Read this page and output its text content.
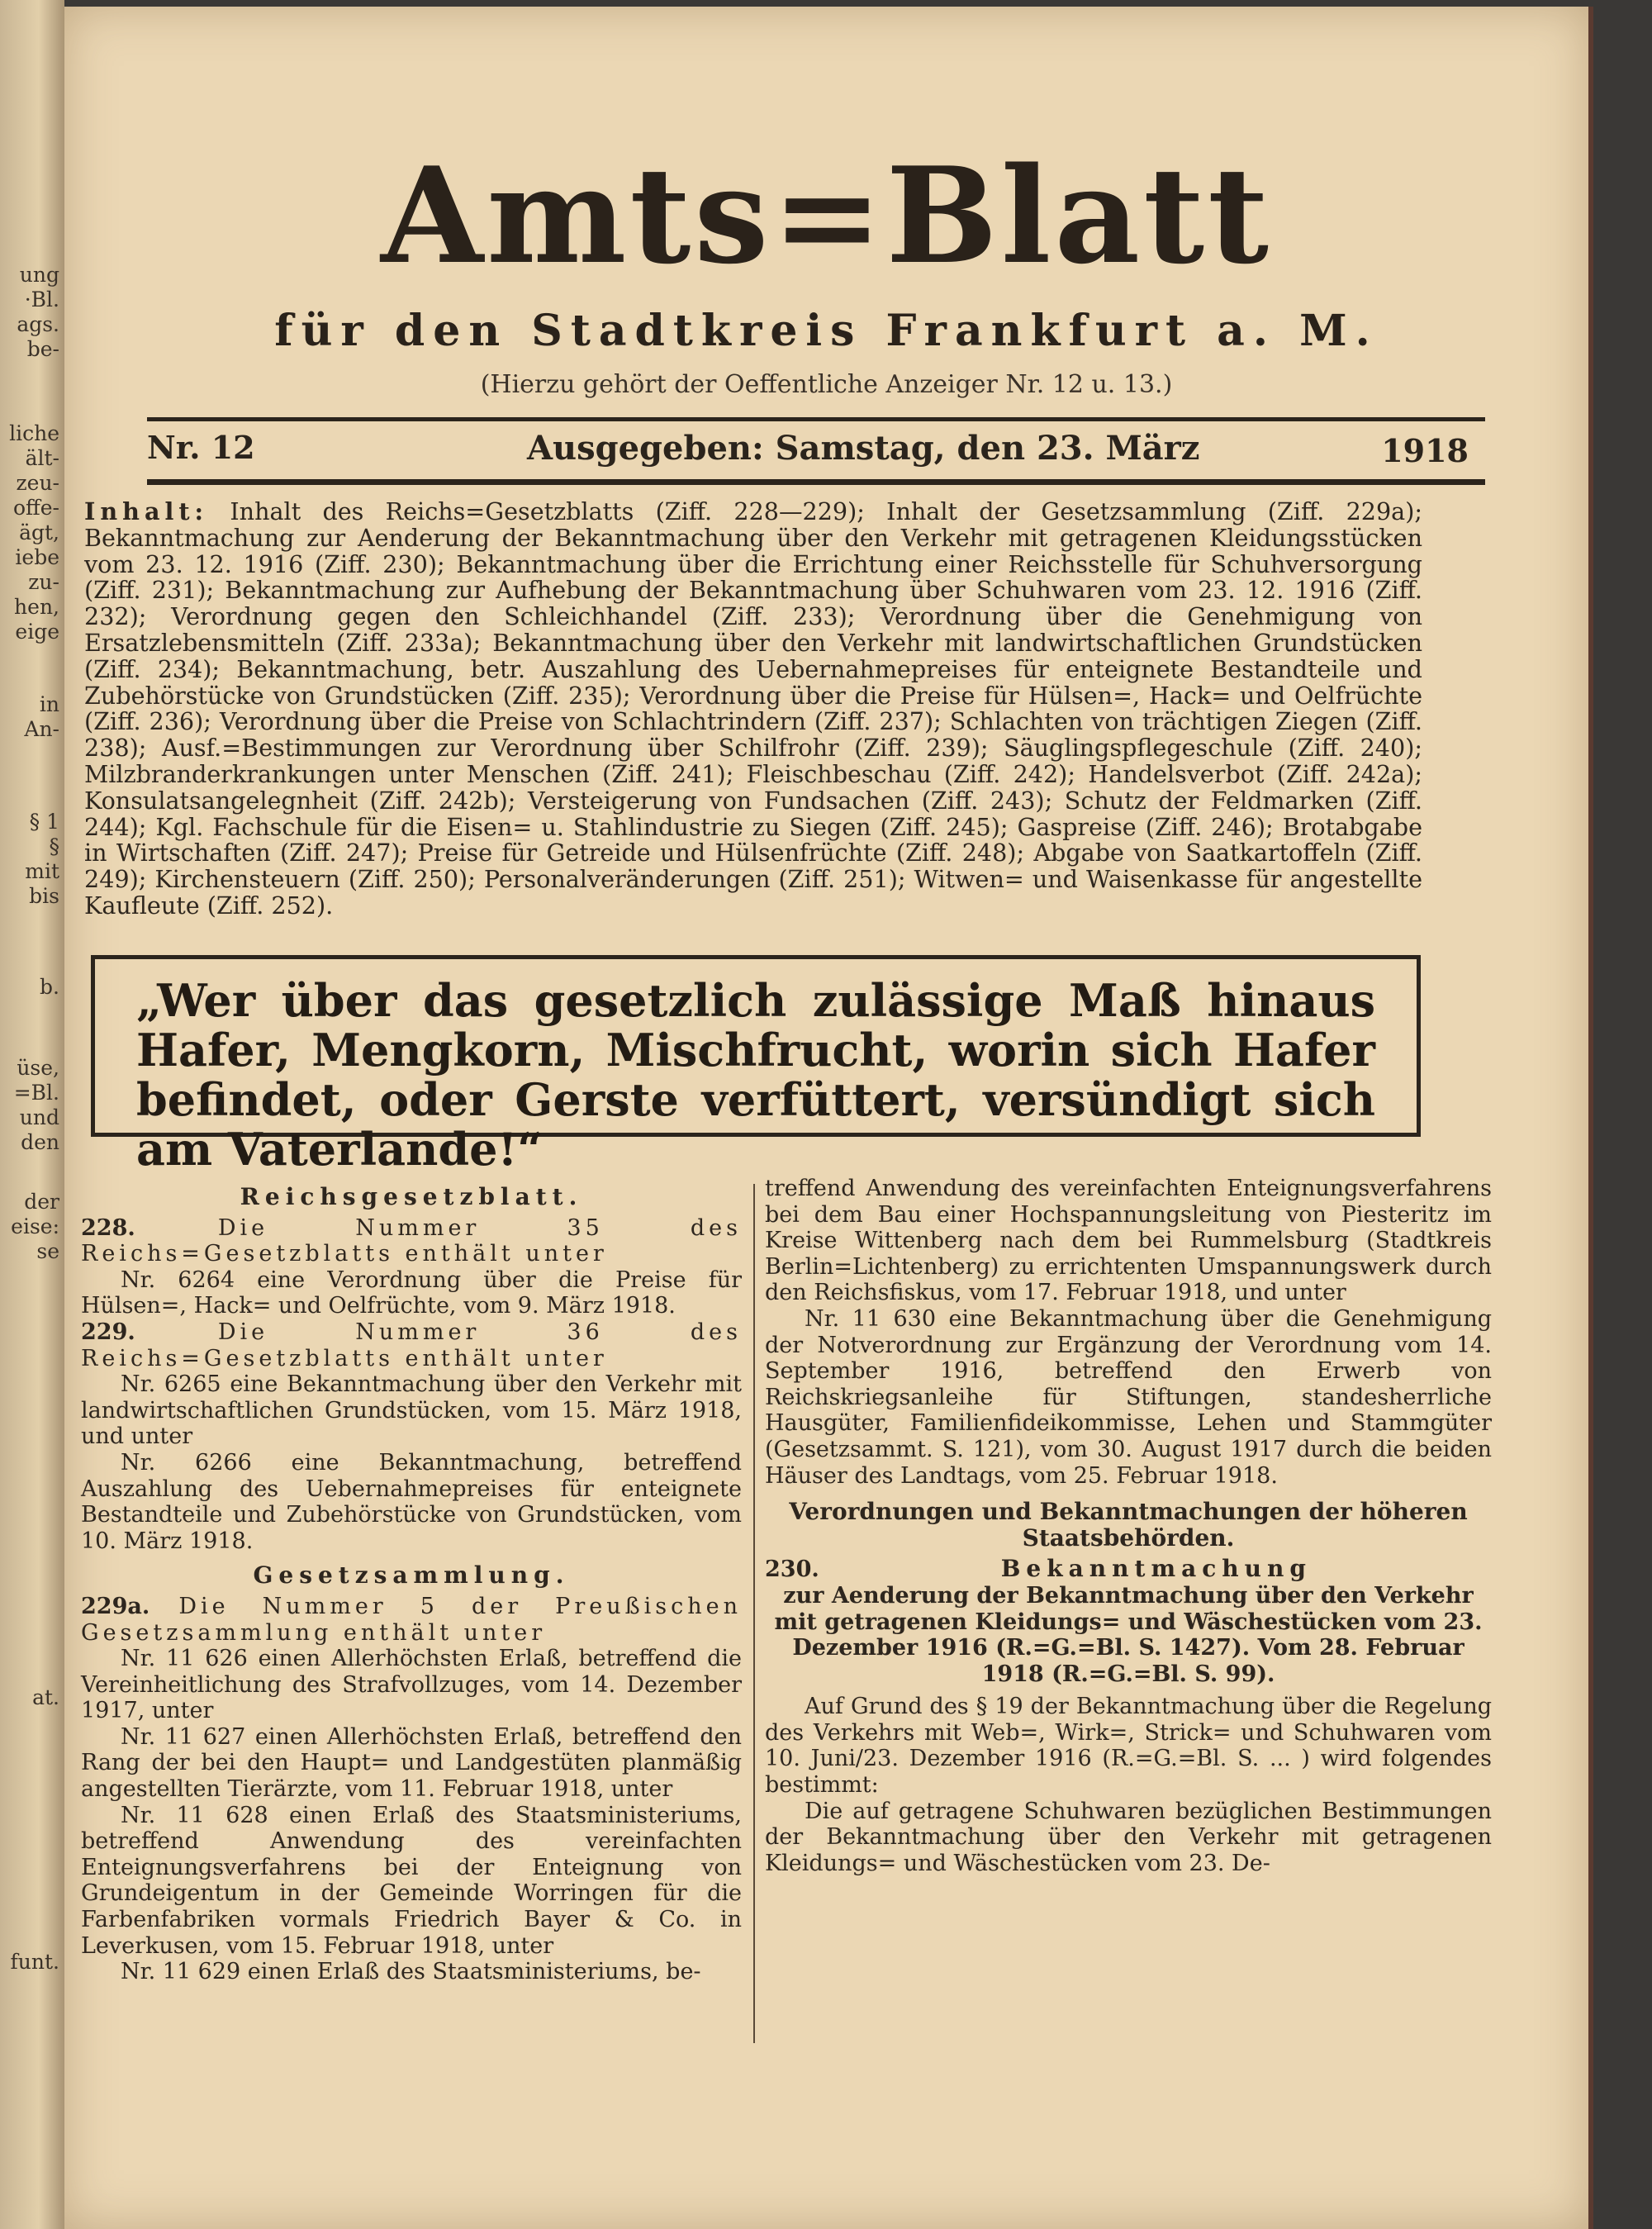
ung
·Bl.
ags.
be-
liche
ält-
zeu-
offe-
ägt,
iebe
zu-
hen,
eige
in
An-
§ 1
§
mit
bis
b.
üse,
=Bl.
und
den
der
eise:
se
at.
funt.
Amts=Blatt
für den Stadtkreis Frankfurt a. M.
(Hierzu gehört der Oeffentliche Anzeiger Nr. 12 u. 13.)
Nr. 12	Ausgegeben: Samstag, den 23. März	1918
Inhalt: Inhalt des Reichs=Gesetzblatts (Ziff. 228—229); Inhalt der Gesetzsammlung (Ziff. 229a); Bekanntmachung zur Aenderung der Bekanntmachung über den Verkehr mit getragenen Kleidungsstücken vom 23. 12. 1916 (Ziff. 230); Bekanntmachung über die Errichtung einer Reichsstelle für Schuhversorgung (Ziff. 231); Bekanntmachung zur Aufhebung der Bekanntmachung über Schuhwaren vom 23. 12. 1916 (Ziff. 232); Verordnung gegen den Schleichhandel (Ziff. 233); Verordnung über die Genehmigung von Ersatzlebensmitteln (Ziff. 233a); Bekanntmachung über den Verkehr mit landwirtschaftlichen Grundstücken (Ziff. 234); Bekanntmachung, betr. Auszahlung des Uebernahmepreises für enteignete Bestandteile und Zubehörstücke von Grundstücken (Ziff. 235); Verordnung über die Preise für Hülsen=, Hack= und Oelfrüchte (Ziff. 236); Verordnung über die Preise von Schlachtrindern (Ziff. 237); Schlachten von trächtigen Ziegen (Ziff. 238); Ausf.=Bestimmungen zur Verordnung über Schilfrohr (Ziff. 239); Säuglingspflegeschule (Ziff. 240); Milzbranderkrankungen unter Menschen (Ziff. 241); Fleischbeschau (Ziff. 242); Handelsverbot (Ziff. 242a); Konsulatsangelegnheit (Ziff. 242b); Versteigerung von Fundsachen (Ziff. 243); Schutz der Feldmarken (Ziff. 244); Kgl. Fachschule für die Eisen= u. Stahlindustrie zu Siegen (Ziff. 245); Gaspreise (Ziff. 246); Brotabgabe in Wirtschaften (Ziff. 247); Preise für Getreide und Hülsenfrüchte (Ziff. 248); Abgabe von Saatkartoffeln (Ziff. 249); Kirchensteuern (Ziff. 250); Personalveränderungen (Ziff. 251); Witwen= und Waisenkasse für angestellte Kaufleute (Ziff. 252).
„Wer über das gesetzlich zulässige Maß hinaus Hafer, Mengkorn, Mischfrucht, worin sich Hafer befindet, oder Gerste verfüttert, versündigt sich am Vaterlande!“
Reichsgesetzblatt.

228.	Die Nummer 35 des Reichs=Gesetzblatts enthält unter

Nr. 6264 eine Verordnung über die Preise für Hülsen=, Hack= und Oelfrüchte, vom 9. März 1918.

229.	Die Nummer 36 des Reichs=Gesetzblatts enthält unter

Nr. 6265 eine Bekanntmachung über den Verkehr mit landwirtschaftlichen Grundstücken, vom 15. März 1918, und unter

Nr. 6266 eine Bekanntmachung, betreffend Auszahlung des Uebernahmepreises für enteignete Bestandteile und Zubehörstücke von Grundstücken, vom 10. März 1918.

Gesetzsammlung.

229a. Die Nummer 5 der Preußischen Gesetzsammlung enthält unter

Nr. 11 626 einen Allerhöchsten Erlaß, betreffend die Vereinheitlichung des Strafvollzuges, vom 14. Dezember 1917, unter

Nr. 11 627 einen Allerhöchsten Erlaß, betreffend den Rang der bei den Haupt= und Landgestüten planmäßig angestellten Tierärzte, vom 11. Februar 1918, unter

Nr. 11 628 einen Erlaß des Staatsministeriums, betreffend Anwendung des vereinfachten Enteignungsverfahrens bei der Enteignung von Grundeigentum in der Gemeinde Worringen für die Farbenfabriken vormals Friedrich Bayer & Co. in Leverkusen, vom 15. Februar 1918, unter

Nr. 11 629 einen Erlaß des Staatsministeriums, be-

treffend Anwendung des vereinfachten Enteignungsverfahrens bei dem Bau einer Hochspannungsleitung von Piesteritz im Kreise Wittenberg nach dem bei Rummelsburg (Stadtkreis Berlin=Lichtenberg) zu errichtenten Umspannungswerk durch den Reichsfiskus, vom 17. Februar 1918, und unter

Nr. 11 630 eine Bekanntmachung über die Genehmigung der Notverordnung zur Ergänzung der Verordnung vom 14. September 1916, betreffend den Erwerb von Reichskriegsanleihe für Stiftungen, standesherrliche Hausgüter, Familienfideikommisse, Lehen und Stammgüter (Gesetzsammt. S. 121), vom 30. August 1917 durch die beiden Häuser des Landtags, vom 25. Februar 1918.

Verordnungen und Bekanntmachungen der höheren Staatsbehörden.

230.	Bekanntmachung

zur Aenderung der Bekanntmachung über den Verkehr mit getragenen Kleidungs= und Wäschestücken vom 23. Dezember 1916 (R.=G.=Bl. S. 1427). Vom 28. Februar 1918 (R.=G.=Bl. S. 99).

Auf Grund des § 19 der Bekanntmachung über die Regelung des Verkehrs mit Web=, Wirk=, Strick= und Schuhwaren vom 10. Juni/23. Dezember 1916 (R.=G.=Bl. S. ... ) wird folgendes bestimmt:

Die auf getragene Schuhwaren bezüglichen Bestimmungen der Bekanntmachung über den Verkehr mit getragenen Kleidungs= und Wäschestücken vom 23. De-
